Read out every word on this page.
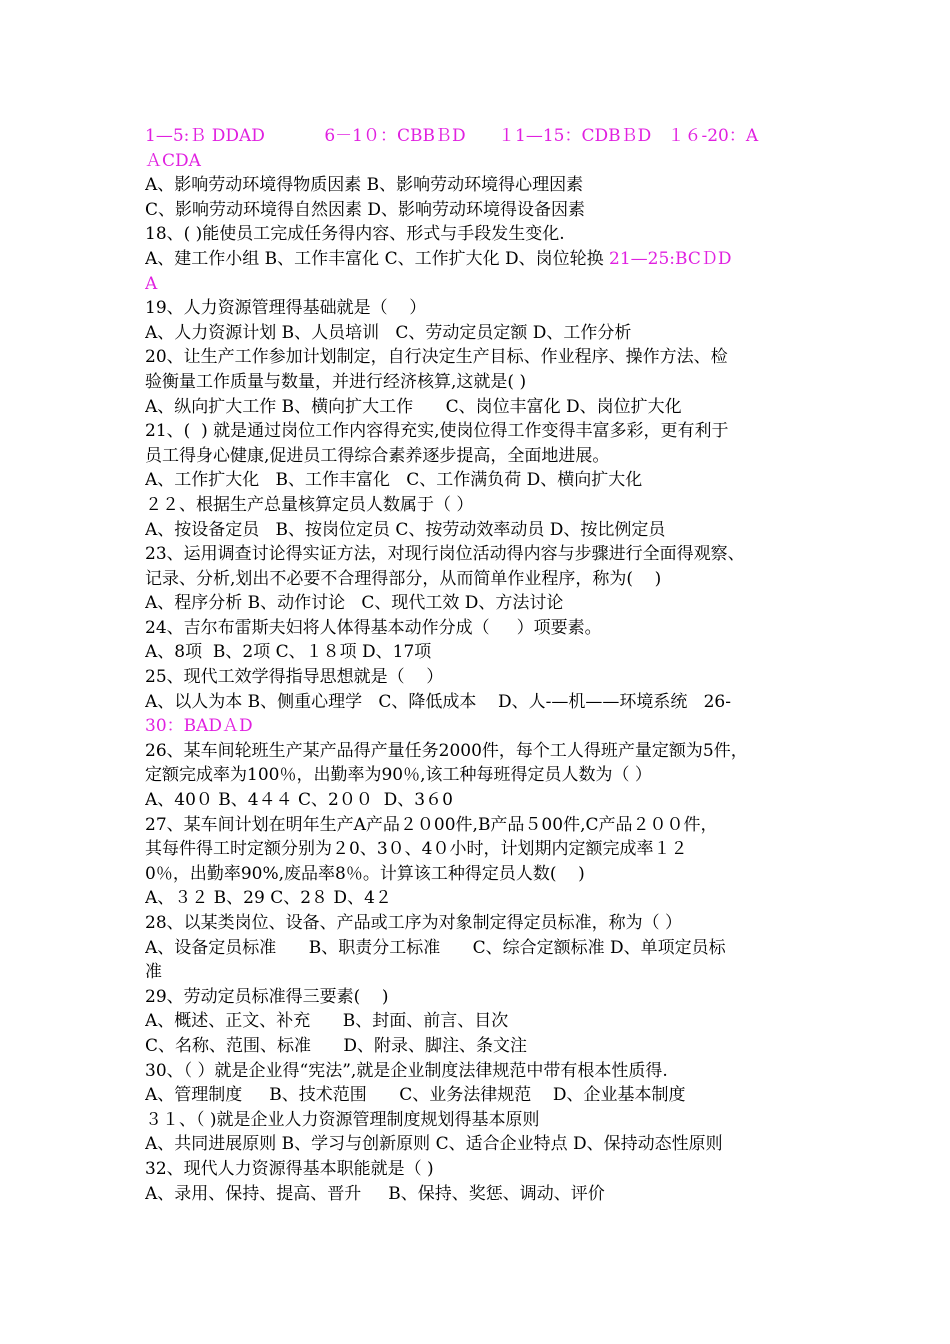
1—5:Ｂ DDAD           6－1０：CBBＢD      １1—15：CDBＢD   １６-20：A
ＡCDA
A、影响劳动环境得物质因素 B、影响劳动环境得心理因素
C、影响劳动环境得自然因素 D、影响劳动环境得设备因素
18、( )能使员工完成任务得内容、形式与手段发生变化.
A、建工作小组 B、工作丰富化 C、工作扩大化 D、岗位轮换 21—25:BCＤD
A
19、人力资源管理得基础就是（    ）
A、人力资源计划 B、人员培训   C、劳动定员定额 D、工作分析
20、让生产工作参加计划制定，自行决定生产目标、作业程序、操作方法、检
验衡量工作质量与数量，并进行经济核算,这就是( )
A、纵向扩大工作 B、横向扩大工作      C、岗位丰富化 D、岗位扩大化
21、(  ) 就是通过岗位工作内容得充实,使岗位得工作变得丰富多彩，更有利于
员工得身心健康,促进员工得综合素养逐步提高，全面地进展。
A、工作扩大化   B、工作丰富化   C、工作满负荷 D、横向扩大化
２２、根据生产总量核算定员人数属于（ ）
A、按设备定员   B、按岗位定员 C、按劳动效率动员 D、按比例定员
23、运用调查讨论得实证方法，对现行岗位活动得内容与步骤进行全面得观察、
记录、分析,划出不必要不合理得部分，从而简单作业程序，称为(    )
A、程序分析 B、动作讨论   C、现代工效 D、方法讨论
24、吉尔布雷斯夫妇将人体得基本动作分成（     ）项要素。
A、8项  B、2项 C、１８项 D、17项
25、现代工效学得指导思想就是（    ）
A、以人为本 B、侧重心理学   C、降低成本    D、人-—机——环境系统   26-
30：BADＡD
26、某车间轮班生产某产品得产量任务2000件，每个工人得班产量定额为5件，
定额完成率为100％，出勤率为90％,该工种每班得定员人数为（ ）
A、40０ B、4４４ C、2００  D、3６0
27、某车间计划在明年生产A产品２０00件,B产品５00件,C产品２００件，
其每件得工时定额分别为２0、3０、4０小时，计划期内定额完成率１２
0％，出勤率90%,废品率8％。计算该工种得定员人数(    )
A、３２ B、29 C、2８ D、4２
28、以某类岗位、设备、产品或工序为对象制定得定员标准，称为（ ）
A、设备定员标准      B、职责分工标准      C、综合定额标准 D、单项定员标
准
29、劳动定员标准得三要素(    )
A、概述、正文、补充      B、封面、前言、目次
C、名称、范围、标准      D、附录、脚注、条文注
30、（ ）就是企业得“宪法”,就是企业制度法律规范中带有根本性质得.
A、管理制度     B、技术范围      C、业务法律规范    D、企业基本制度
３１、（ )就是企业人力资源管理制度规划得基本原则
A、共同进展原则 B、学习与创新原则 C、适合企业特点 D、保持动态性原则
32、现代人力资源得基本职能就是（ )
A、录用、保持、提高、晋升     B、保持、奖惩、调动、评价
